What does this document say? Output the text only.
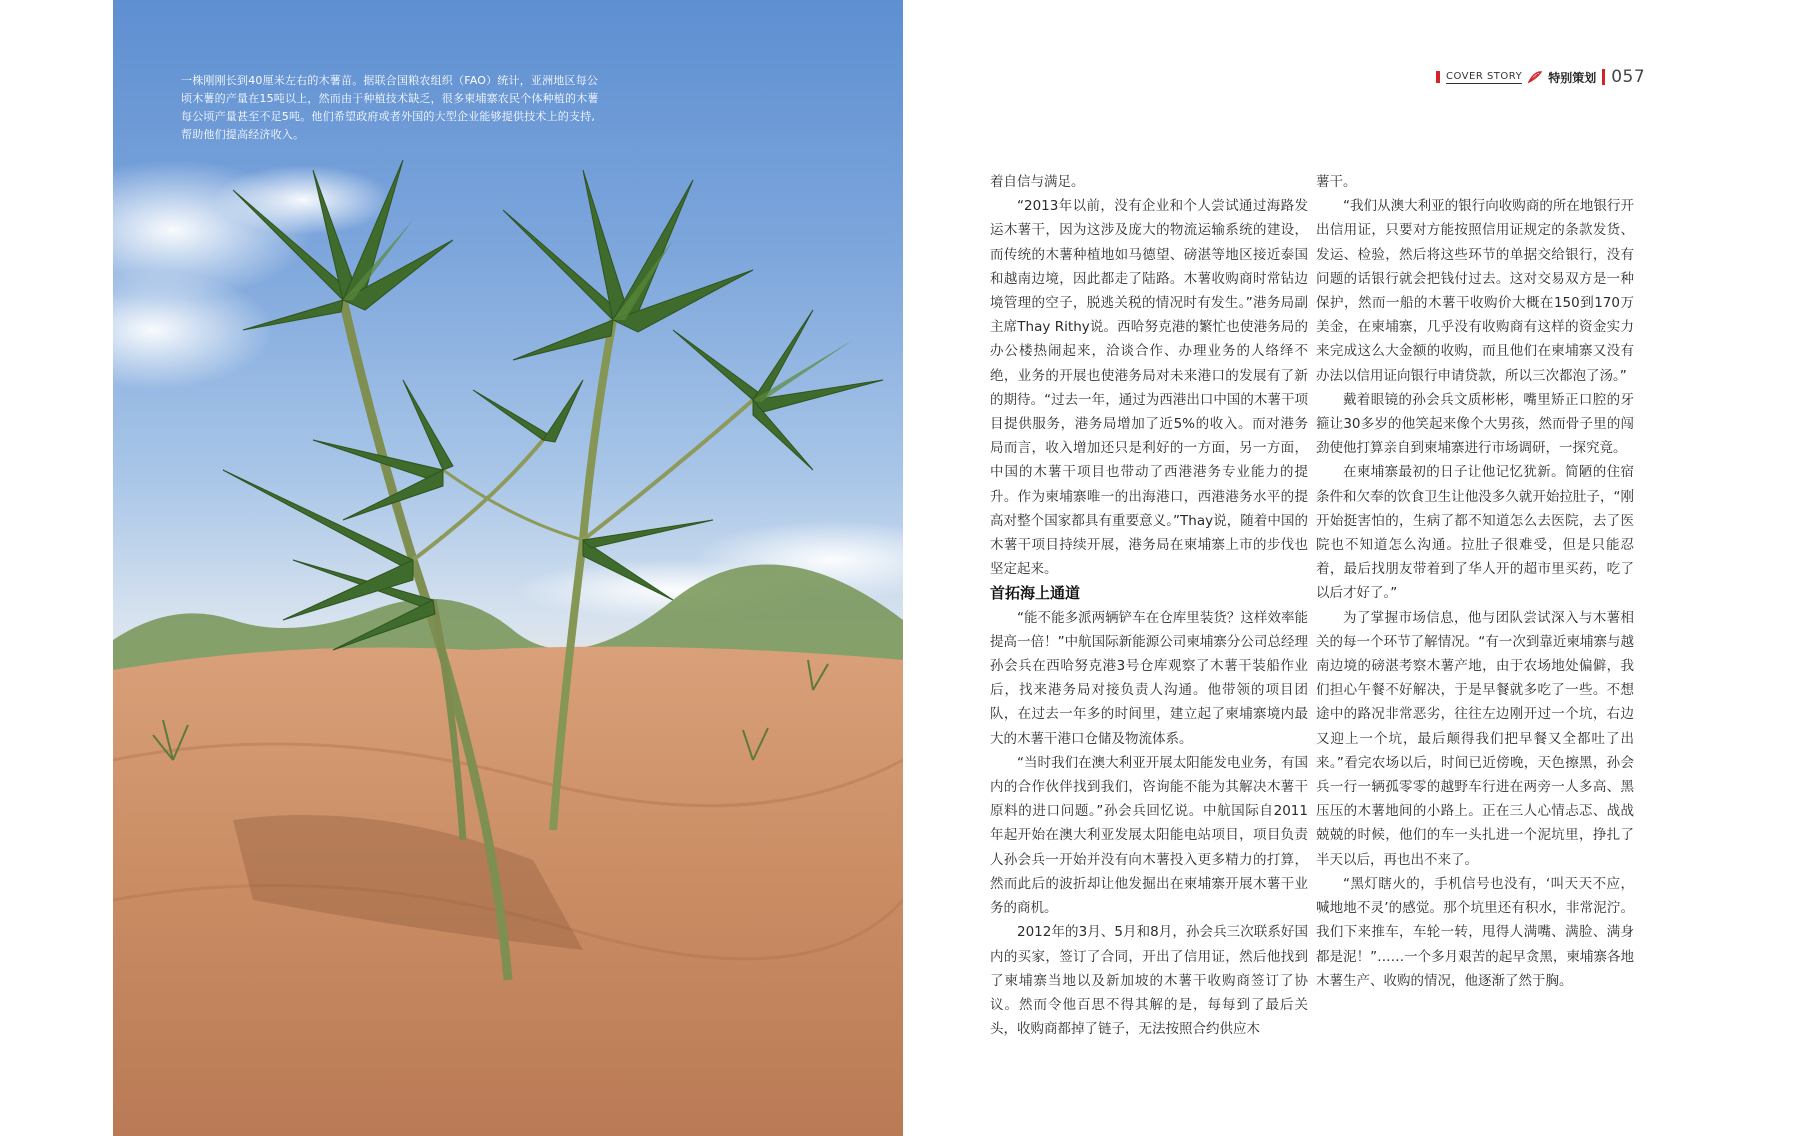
一株刚刚长到40厘米左右的木薯苗。据联合国粮农组织（FAO）统计，亚洲地区每公顷木薯的产量在15吨以上，然而由于种植技术缺乏，很多柬埔寨农民个体种植的木薯每公顷产量甚至不足5吨。他们希望政府或者外国的大型企业能够提供技术上的支持,帮助他们提高经济收入。
COVER STORY 特别策划 057

着自信与满足。

“2013年以前，没有企业和个人尝试通过海路发运木薯干，因为这涉及庞大的物流运输系统的建设，而传统的木薯种植地如马德望、磅湛等地区接近泰国和越南边境，因此都走了陆路。木薯收购商时常钻边境管理的空子，脱逃关税的情况时有发生。”港务局副主席Thay Rithy说。西哈努克港的繁忙也使港务局的办公楼热闹起来，洽谈合作、办理业务的人络绎不绝，业务的开展也使港务局对未来港口的发展有了新的期待。“过去一年，通过为西港出口中国的木薯干项目提供服务，港务局增加了近5%的收入。而对港务局而言，收入增加还只是利好的一方面，另一方面，中国的木薯干项目也带动了西港港务专业能力的提升。作为柬埔寨唯一的出海港口，西港港务水平的提高对整个国家都具有重要意义。”Thay说，随着中国的木薯干项目持续开展，港务局在柬埔寨上市的步伐也坚定起来。

首拓海上通道

“能不能多派两辆铲车在仓库里装货？这样效率能提高一倍！”中航国际新能源公司柬埔寨分公司总经理孙会兵在西哈努克港3号仓库观察了木薯干装船作业后，找来港务局对接负责人沟通。他带领的项目团队，在过去一年多的时间里，建立起了柬埔寨境内最大的木薯干港口仓储及物流体系。

“当时我们在澳大利亚开展太阳能发电业务，有国内的合作伙伴找到我们，咨询能不能为其解决木薯干原料的进口问题。”孙会兵回忆说。中航国际自2011年起开始在澳大利亚发展太阳能电站项目，项目负责人孙会兵一开始并没有向木薯投入更多精力的打算，然而此后的波折却让他发掘出在柬埔寨开展木薯干业务的商机。

2012年的3月、5月和8月，孙会兵三次联系好国内的买家，签订了合同，开出了信用证，然后他找到了柬埔寨当地以及新加坡的木薯干收购商签订了协议。然而令他百思不得其解的是，每每到了最后关头，收购商都掉了链子，无法按照合约供应木

薯干。

“我们从澳大利亚的银行向收购商的所在地银行开出信用证，只要对方能按照信用证规定的条款发货、发运、检验，然后将这些环节的单据交给银行，没有问题的话银行就会把钱付过去。这对交易双方是一种保护，然而一船的木薯干收购价大概在150到170万美金，在柬埔寨，几乎没有收购商有这样的资金实力来完成这么大金额的收购，而且他们在柬埔寨又没有办法以信用证向银行申请贷款，所以三次都泡了汤。”

戴着眼镜的孙会兵文质彬彬，嘴里矫正口腔的牙箍让30多岁的他笑起来像个大男孩，然而骨子里的闯劲使他打算亲自到柬埔寨进行市场调研，一探究竟。

在柬埔寨最初的日子让他记忆犹新。简陋的住宿条件和欠奉的饮食卫生让他没多久就开始拉肚子，“刚开始挺害怕的，生病了都不知道怎么去医院，去了医院也不知道怎么沟通。拉肚子很难受，但是只能忍着，最后找朋友带着到了华人开的超市里买药，吃了以后才好了。”

为了掌握市场信息，他与团队尝试深入与木薯相关的每一个环节了解情况。“有一次到靠近柬埔寨与越南边境的磅湛考察木薯产地，由于农场地处偏僻，我们担心午餐不好解决，于是早餐就多吃了一些。不想途中的路况非常恶劣，往往左边刚开过一个坑，右边又迎上一个坑，最后颠得我们把早餐又全都吐了出来。”看完农场以后，时间已近傍晚，天色擦黑，孙会兵一行一辆孤零零的越野车行进在两旁一人多高、黑压压的木薯地间的小路上。正在三人心情忐忑、战战兢兢的时候，他们的车一头扎进一个泥坑里，挣扎了半天以后，再也出不来了。

“黑灯瞎火的，手机信号也没有，‘叫天天不应，喊地地不灵’的感觉。那个坑里还有积水，非常泥泞。我们下来推车，车轮一转，甩得人满嘴、满脸、满身都是泥！”……一个多月艰苦的起早贪黑，柬埔寨各地木薯生产、收购的情况，他逐渐了然于胸。
